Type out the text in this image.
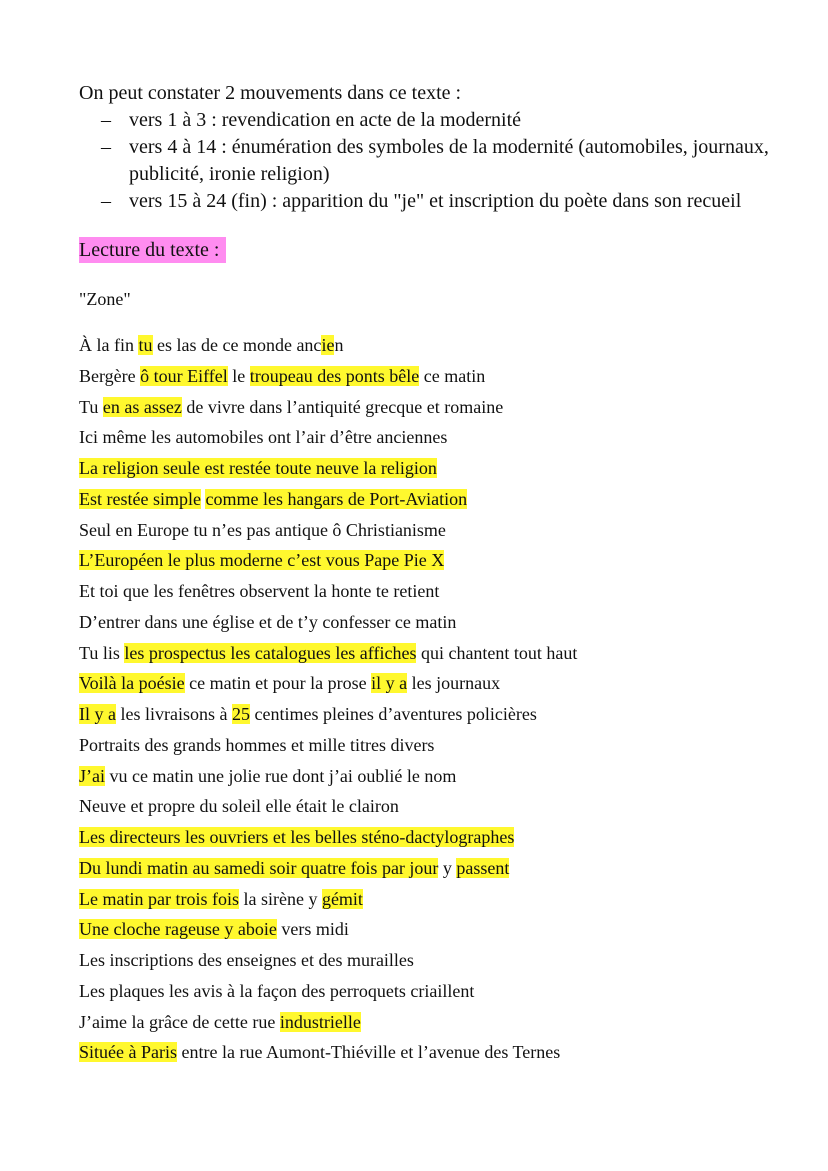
On peut constater 2 mouvements dans ce texte :

– vers 1 à 3 : revendication en acte de la modernité
– vers 4 à 14 : énumération des symboles de la modernité (automobiles, journaux, publicité, ironie religion)
– vers 15 à 24 (fin) : apparition du "je" et inscription du poète dans son recueil
Lecture du texte :
"Zone"
À la fin tu es las de ce monde ancien
Bergère ô tour Eiffel le troupeau des ponts bêle ce matin
Tu en as assez de vivre dans l’antiquité grecque et romaine
Ici même les automobiles ont l’air d’être anciennes
La religion seule est restée toute neuve la religion
Est restée simple comme les hangars de Port-Aviation
Seul en Europe tu n’es pas antique ô Christianisme
L’Européen le plus moderne c’est vous Pape Pie X
Et toi que les fenêtres observent la honte te retient
D’entrer dans une église et de t’y confesser ce matin
Tu lis les prospectus les catalogues les affiches qui chantent tout haut
Voilà la poésie ce matin et pour la prose il y a les journaux
Il y a les livraisons à 25 centimes pleines d’aventures policières
Portraits des grands hommes et mille titres divers
J’ai vu ce matin une jolie rue dont j’ai oublié le nom
Neuve et propre du soleil elle était le clairon
Les directeurs les ouvriers et les belles sténo-dactylographes
Du lundi matin au samedi soir quatre fois par jour y passent
Le matin par trois fois la sirène y gémit
Une cloche rageuse y aboie vers midi
Les inscriptions des enseignes et des murailles
Les plaques les avis à la façon des perroquets criaillent
J’aime la grâce de cette rue industrielle
Située à Paris entre la rue Aumont-Thiéville et l’avenue des Ternes
